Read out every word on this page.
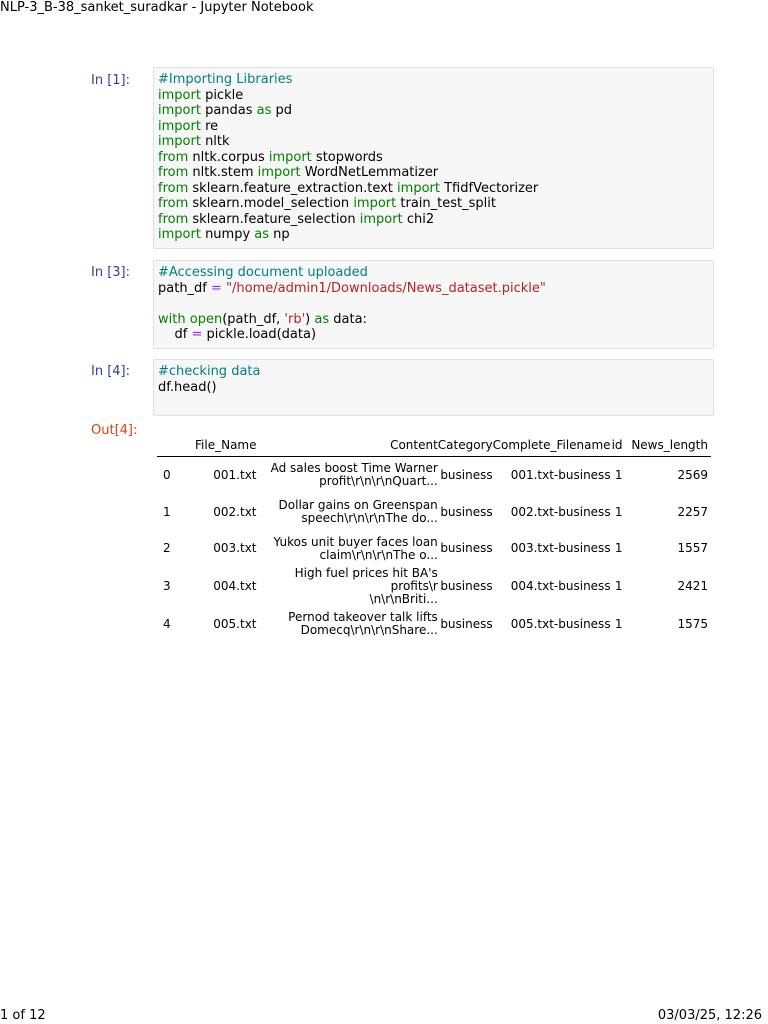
NLP-3_B-38_sanket_suradkar - Jupyter Notebook
In [1]: #Importing Libraries
import pickle
import pandas as pd
import re
import nltk
from nltk.corpus import stopwords
from nltk.stem import WordNetLemmatizer
from sklearn.feature_extraction.text import TfidfVectorizer
from sklearn.model_selection import train_test_split
from sklearn.feature_selection import chi2
import numpy as np
In [3]: #Accessing document uploaded
path_df = "/home/admin1/Downloads/News_dataset.pickle"
with open(path_df, 'rb') as data:
df = pickle.load(data)
In [4]: #checking data
df.head()
Out[4]:
	File_Name	Content	Category	Complete_Filename	id	News_length
0	001.txt	Ad sales boost Time Warner
profit\r\n\r\nQuart...	business	001.txt-business	1	2569
1	002.txt	Dollar gains on Greenspan
speech\r\n\r\nThe do...	business	002.txt-business	1	2257
2	003.txt	Yukos unit buyer faces loan
claim\r\n\r\nThe o...	business	003.txt-business	1	1557
3	004.txt	High fuel prices hit BA's profits\r
\n\r\nBriti...	business	004.txt-business	1	2421
4	005.txt	Pernod takeover talk lifts
Domecq\r\n\r\nShare...	business	005.txt-business	1	1575
1 of 12	03/03/25, 12:26
